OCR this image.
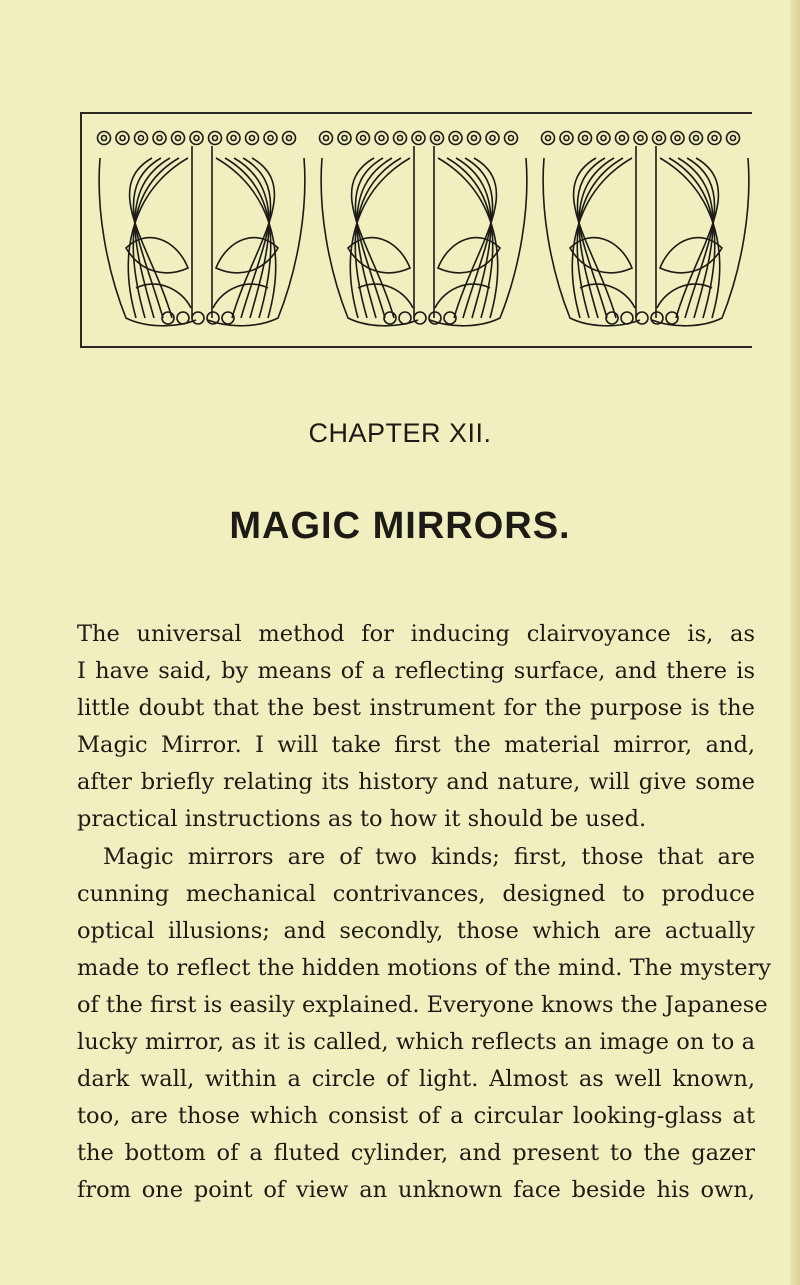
CHAPTER XII.
MAGIC MIRRORS.

The universal method for inducing clairvoyance is, as
I have said, by means of a reflecting surface, and there is
little doubt that the best instrument for the purpose is the
Magic Mirror. I will take first the material mirror, and,
after briefly relating its history and nature, will give some
practical instructions as to how it should be used.

Magic mirrors are of two kinds; first, those that are
cunning mechanical contrivances, designed to produce
optical illusions; and secondly, those which are actually
made to reflect the hidden motions of the mind. The mystery
of the first is easily explained. Everyone knows the Japanese
lucky mirror, as it is called, which reflects an image on to a
dark wall, within a circle of light. Almost as well known,
too, are those which consist of a circular looking-glass at
the bottom of a fluted cylinder, and present to the gazer
from one point of view an unknown face beside his own,
